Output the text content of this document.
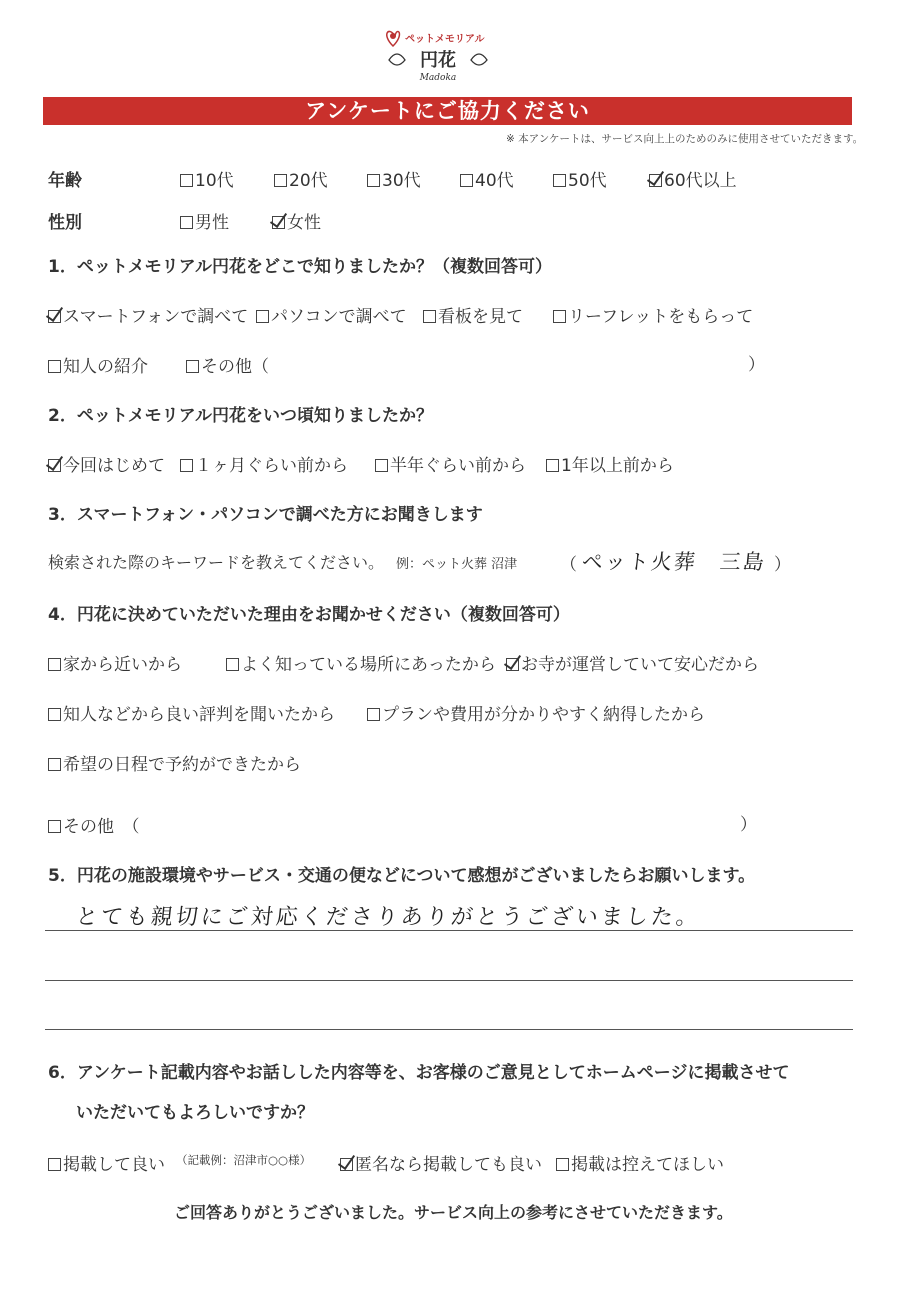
ペットメモリアル
円花
Madoka
アンケートにご協力ください
※ 本アンケートは、サービス向上上のためのみに使用させていただきます。
年齢	10代	20代	30代	40代	50代	60代以上
性別	男性	女性
1．ペットメモリアル円花をどこで知りましたか？（複数回答可）
スマートフォンで調べて	パソコンで調べて	看板を見て	リーフレットをもらって
知人の紹介	その他（	）
2．ペットメモリアル円花をいつ頃知りましたか？
今回はじめて	１ヶ月ぐらい前から	半年ぐらい前から	1年以上前から
3．スマートフォン・パソコンで調べた方にお聞きします
検索された際のキーワードを教えてください。 例：ペット火葬 沼津	（ ペット火葬　三島 ）
4．円花に決めていただいた理由をお聞かせください（複数回答可）
家から近いから	よく知っている場所にあったから	お寺が運営していて安心だから
知人などから良い評判を聞いたから	プランや費用が分かりやすく納得したから
希望の日程で予約ができたから
その他　（	）
5．円花の施設環境やサービス・交通の便などについて感想がございましたらお願いします。
とても親切にご対応くださりありがとうございました。
6．アンケート記載内容やお話しした内容等を、お客様のご意見としてホームページに掲載させて
いただいてもよろしいですか？
掲載して良い	匿名なら掲載しても良い	掲載は控えてほしい
（記載例：沼津市○○様）
ご回答ありがとうございました。サービス向上の参考にさせていただきます。
